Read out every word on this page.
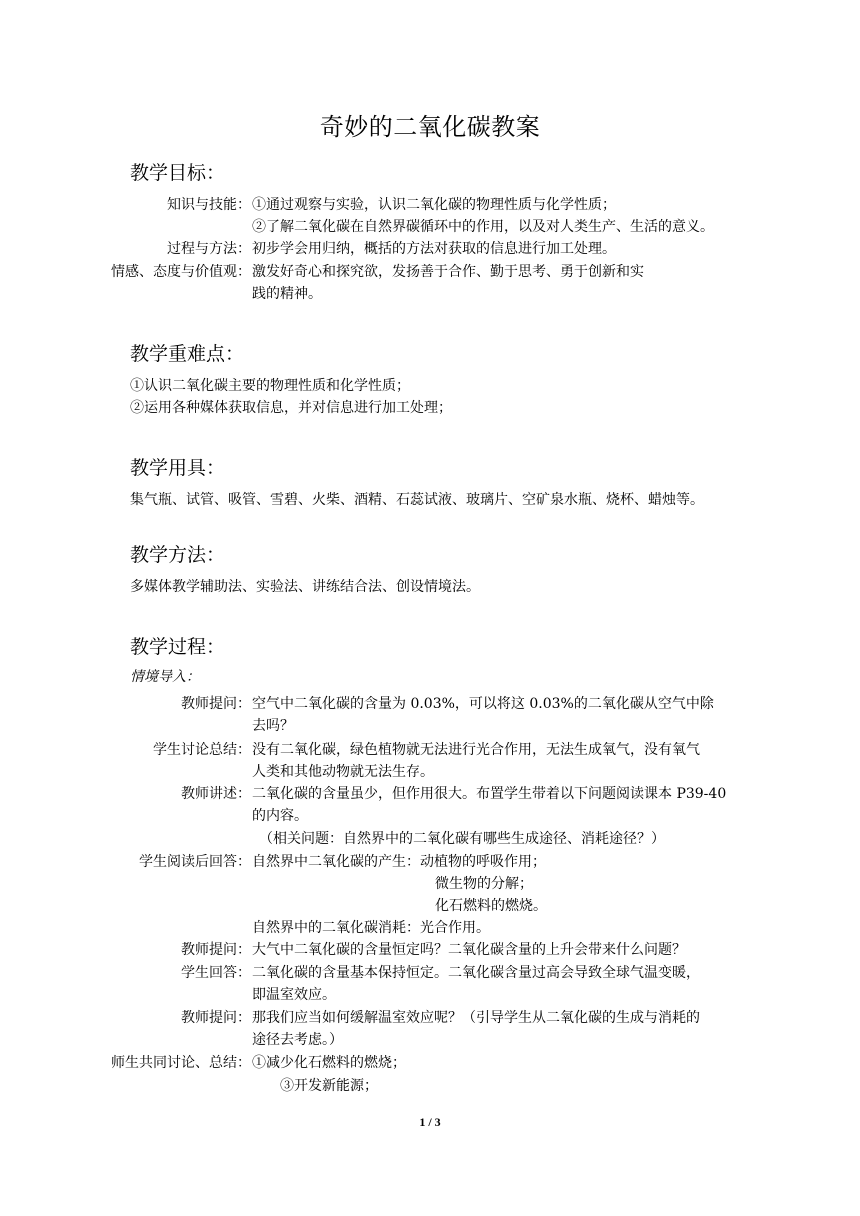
奇妙的二氧化碳教案
教学目标：
知识与技能： ①通过观察与实验，认识二氧化碳的物理性质与化学性质；
②了解二氧化碳在自然界碳循环中的作用，以及对人类生产、生活的意义。
过程与方法： 初步学会用归纳，概括的方法对获取的信息进行加工处理。
情感、态度与价值观： 激发好奇心和探究欲，发扬善于合作、勤于思考、勇于创新和实
践的精神。
教学重难点：
①认识二氧化碳主要的物理性质和化学性质；
②运用各种媒体获取信息，并对信息进行加工处理；
教学用具：
集气瓶、试管、吸管、雪碧、火柴、酒精、石蕊试液、玻璃片、空矿泉水瓶、烧杯、蜡烛等。
教学方法：
多媒体教学辅助法、实验法、讲练结合法、创设情境法。
教学过程：
情境导入：
教师提问： 空气中二氧化碳的含量为 0.03%，可以将这 0.03%的二氧化碳从空气中除
去吗？
学生讨论总结： 没有二氧化碳，绿色植物就无法进行光合作用，无法生成氧气，没有氧气
人类和其他动物就无法生存。
教师讲述： 二氧化碳的含量虽少，但作用很大。布置学生带着以下问题阅读课本 P39-40
的内容。
（相关问题：自然界中的二氧化碳有哪些生成途径、消耗途径？）
学生阅读后回答： 自然界中二氧化碳的产生：动植物的呼吸作用；
微生物的分解；
化石燃料的燃烧。
自然界中的二氧化碳消耗：光合作用。
教师提问： 大气中二氧化碳的含量恒定吗？二氧化碳含量的上升会带来什么问题？
学生回答： 二氧化碳的含量基本保持恒定。二氧化碳含量过高会导致全球气温变暖，
即温室效应。
教师提问： 那我们应当如何缓解温室效应呢？（引导学生从二氧化碳的生成与消耗的
途径去考虑。）
师生共同讨论、总结： ①减少化石燃料的燃烧；
③开发新能源；
1 / 3
